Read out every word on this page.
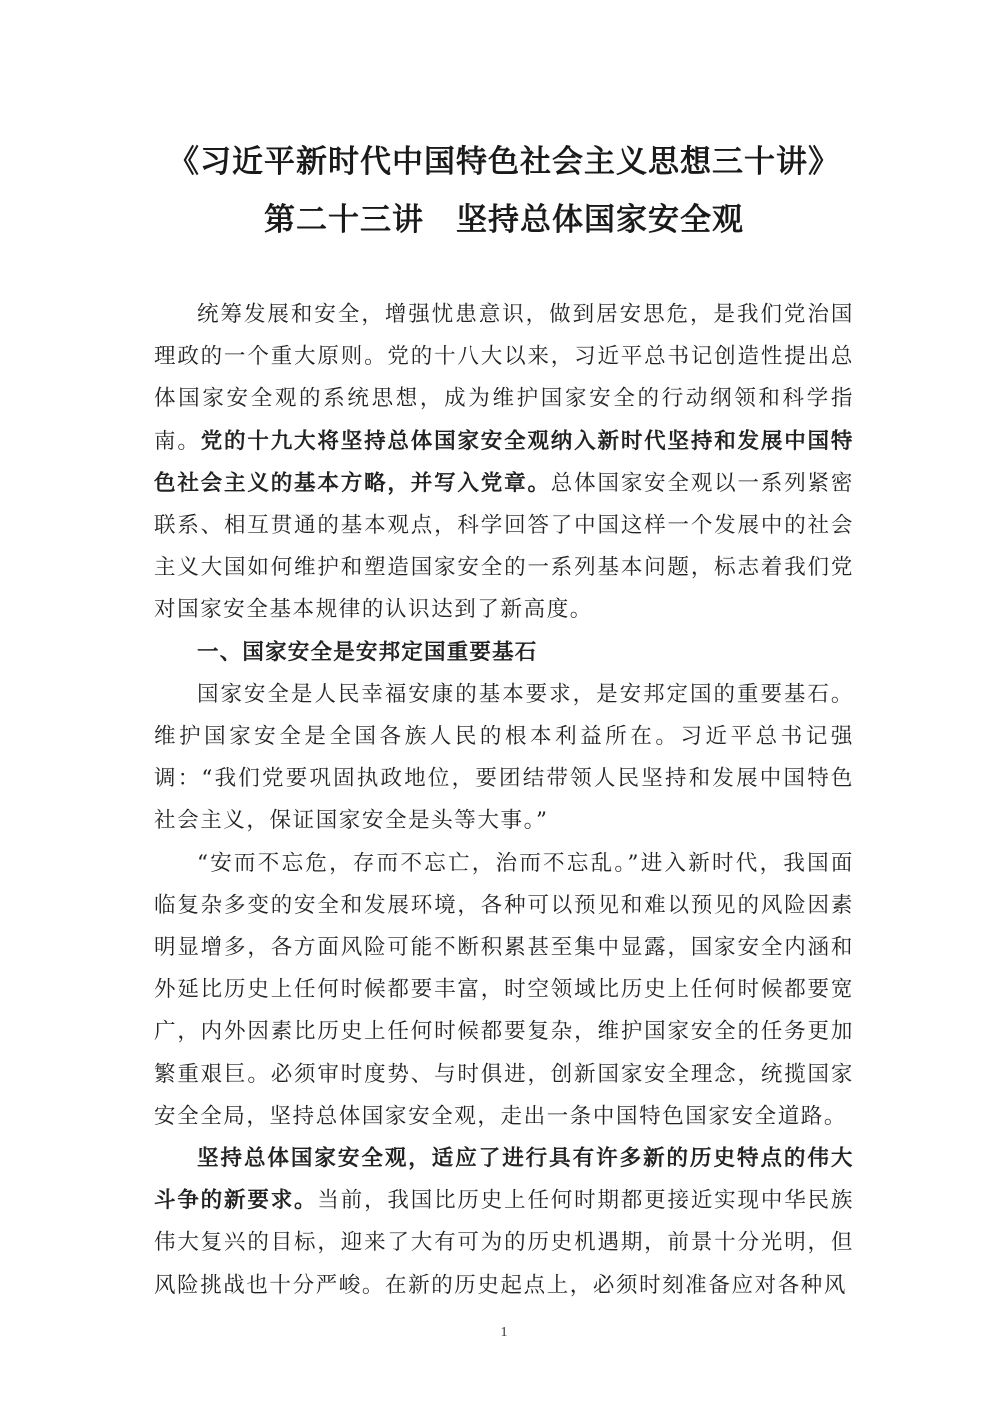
《习近平新时代中国特色社会主义思想三十讲》
第二十三讲　坚持总体国家安全观

统筹发展和安全，增强忧患意识，做到居安思危，是我们党治国理政的一个重大原则。党的十八大以来，习近平总书记创造性提出总体国家安全观的系统思想，成为维护国家安全的行动纲领和科学指南。党的十九大将坚持总体国家安全观纳入新时代坚持和发展中国特色社会主义的基本方略，并写入党章。总体国家安全观以一系列紧密联系、相互贯通的基本观点，科学回答了中国这样一个发展中的社会主义大国如何维护和塑造国家安全的一系列基本问题，标志着我们党对国家安全基本规律的认识达到了新高度。

一、国家安全是安邦定国重要基石

国家安全是人民幸福安康的基本要求，是安邦定国的重要基石。维护国家安全是全国各族人民的根本利益所在。习近平总书记强调：“我们党要巩固执政地位，要团结带领人民坚持和发展中国特色社会主义，保证国家安全是头等大事。”

“安而不忘危，存而不忘亡，治而不忘乱。”进入新时代，我国面临复杂多变的安全和发展环境，各种可以预见和难以预见的风险因素明显增多，各方面风险可能不断积累甚至集中显露，国家安全内涵和外延比历史上任何时候都要丰富，时空领域比历史上任何时候都要宽广，内外因素比历史上任何时候都要复杂，维护国家安全的任务更加繁重艰巨。必须审时度势、与时俱进，创新国家安全理念，统揽国家安全全局，坚持总体国家安全观，走出一条中国特色国家安全道路。

坚持总体国家安全观，适应了进行具有许多新的历史特点的伟大斗争的新要求。当前，我国比历史上任何时期都更接近实现中华民族伟大复兴的目标，迎来了大有可为的历史机遇期，前景十分光明，但风险挑战也十分严峻。在新的历史起点上，必须时刻准备应对各种风

1
